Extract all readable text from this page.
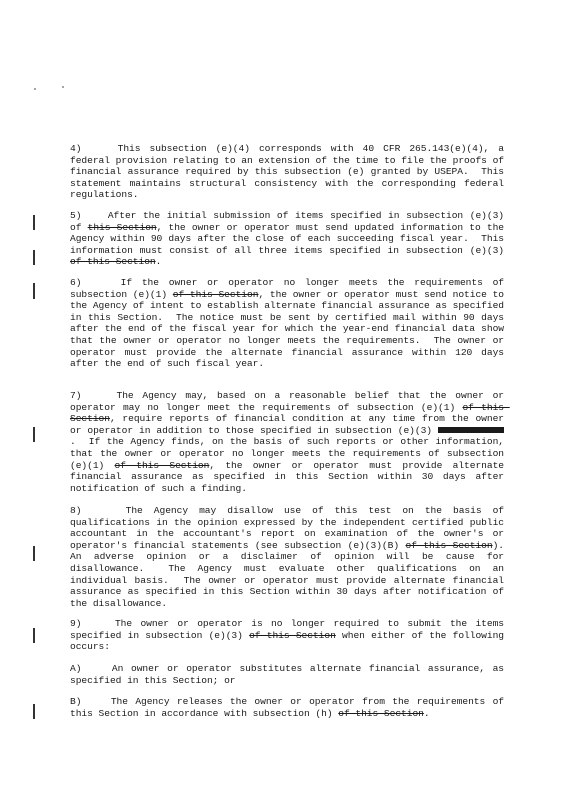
4)    This subsection (e)(4) corresponds with 40 CFR 265.143(e)(4), a federal provision relating to an extension of the time to file the proofs of financial assurance required by this subsection (e) granted by USEPA.  This statement maintains structural consistency with the corresponding federal regulations.
5)    After the initial submission of items specified in subsection (e)(3) of this Section, the owner or operator must send updated information to the Agency within 90 days after the close of each succeeding fiscal year.  This information must consist of all three items specified in subsection (e)(3) of this Section.
6)    If the owner or operator no longer meets the requirements of subsection (e)(1) of this Section, the owner or operator must send notice to the Agency of intent to establish alternate financial assurance as specified in this Section.  The notice must be sent by certified mail within 90 days after the end of the fiscal year for which the year-end financial data show that the owner or operator no longer meets the requirements.  The owner or operator must provide the alternate financial assurance within 120 days after the end of such fiscal year.
7)    The Agency may, based on a reasonable belief that the owner or operator may no longer meet the requirements of subsection (e)(1) of this Section, require reports of financial condition at any time from the owner or operator in addition to those specified in subsection (e)(3) .  If the Agency finds, on the basis of such reports or other information, that the owner or operator no longer meets the requirements of subsection (e)(1) of this Section, the owner or operator must provide alternate financial assurance as specified in this Section within 30 days after notification of such a finding.
8)    The Agency may disallow use of this test on the basis of qualifications in the opinion expressed by the independent certified public accountant in the accountant's report on examination of the owner's or operator's financial statements (see subsection (e)(3)(B) of this Section).  An adverse opinion or a disclaimer of opinion will be cause for disallowance.  The Agency must evaluate other qualifications on an individual basis.  The owner or operator must provide alternate financial assurance as specified in this Section within 30 days after notification of the disallowance.
9)    The owner or operator is no longer required to submit the items specified in subsection (e)(3) of this Section when either of the following occurs:
A)    An owner or operator substitutes alternate financial assurance, as specified in this Section; or
B)    The Agency releases the owner or operator from the requirements of this Section in accordance with subsection (h) of this Section.
